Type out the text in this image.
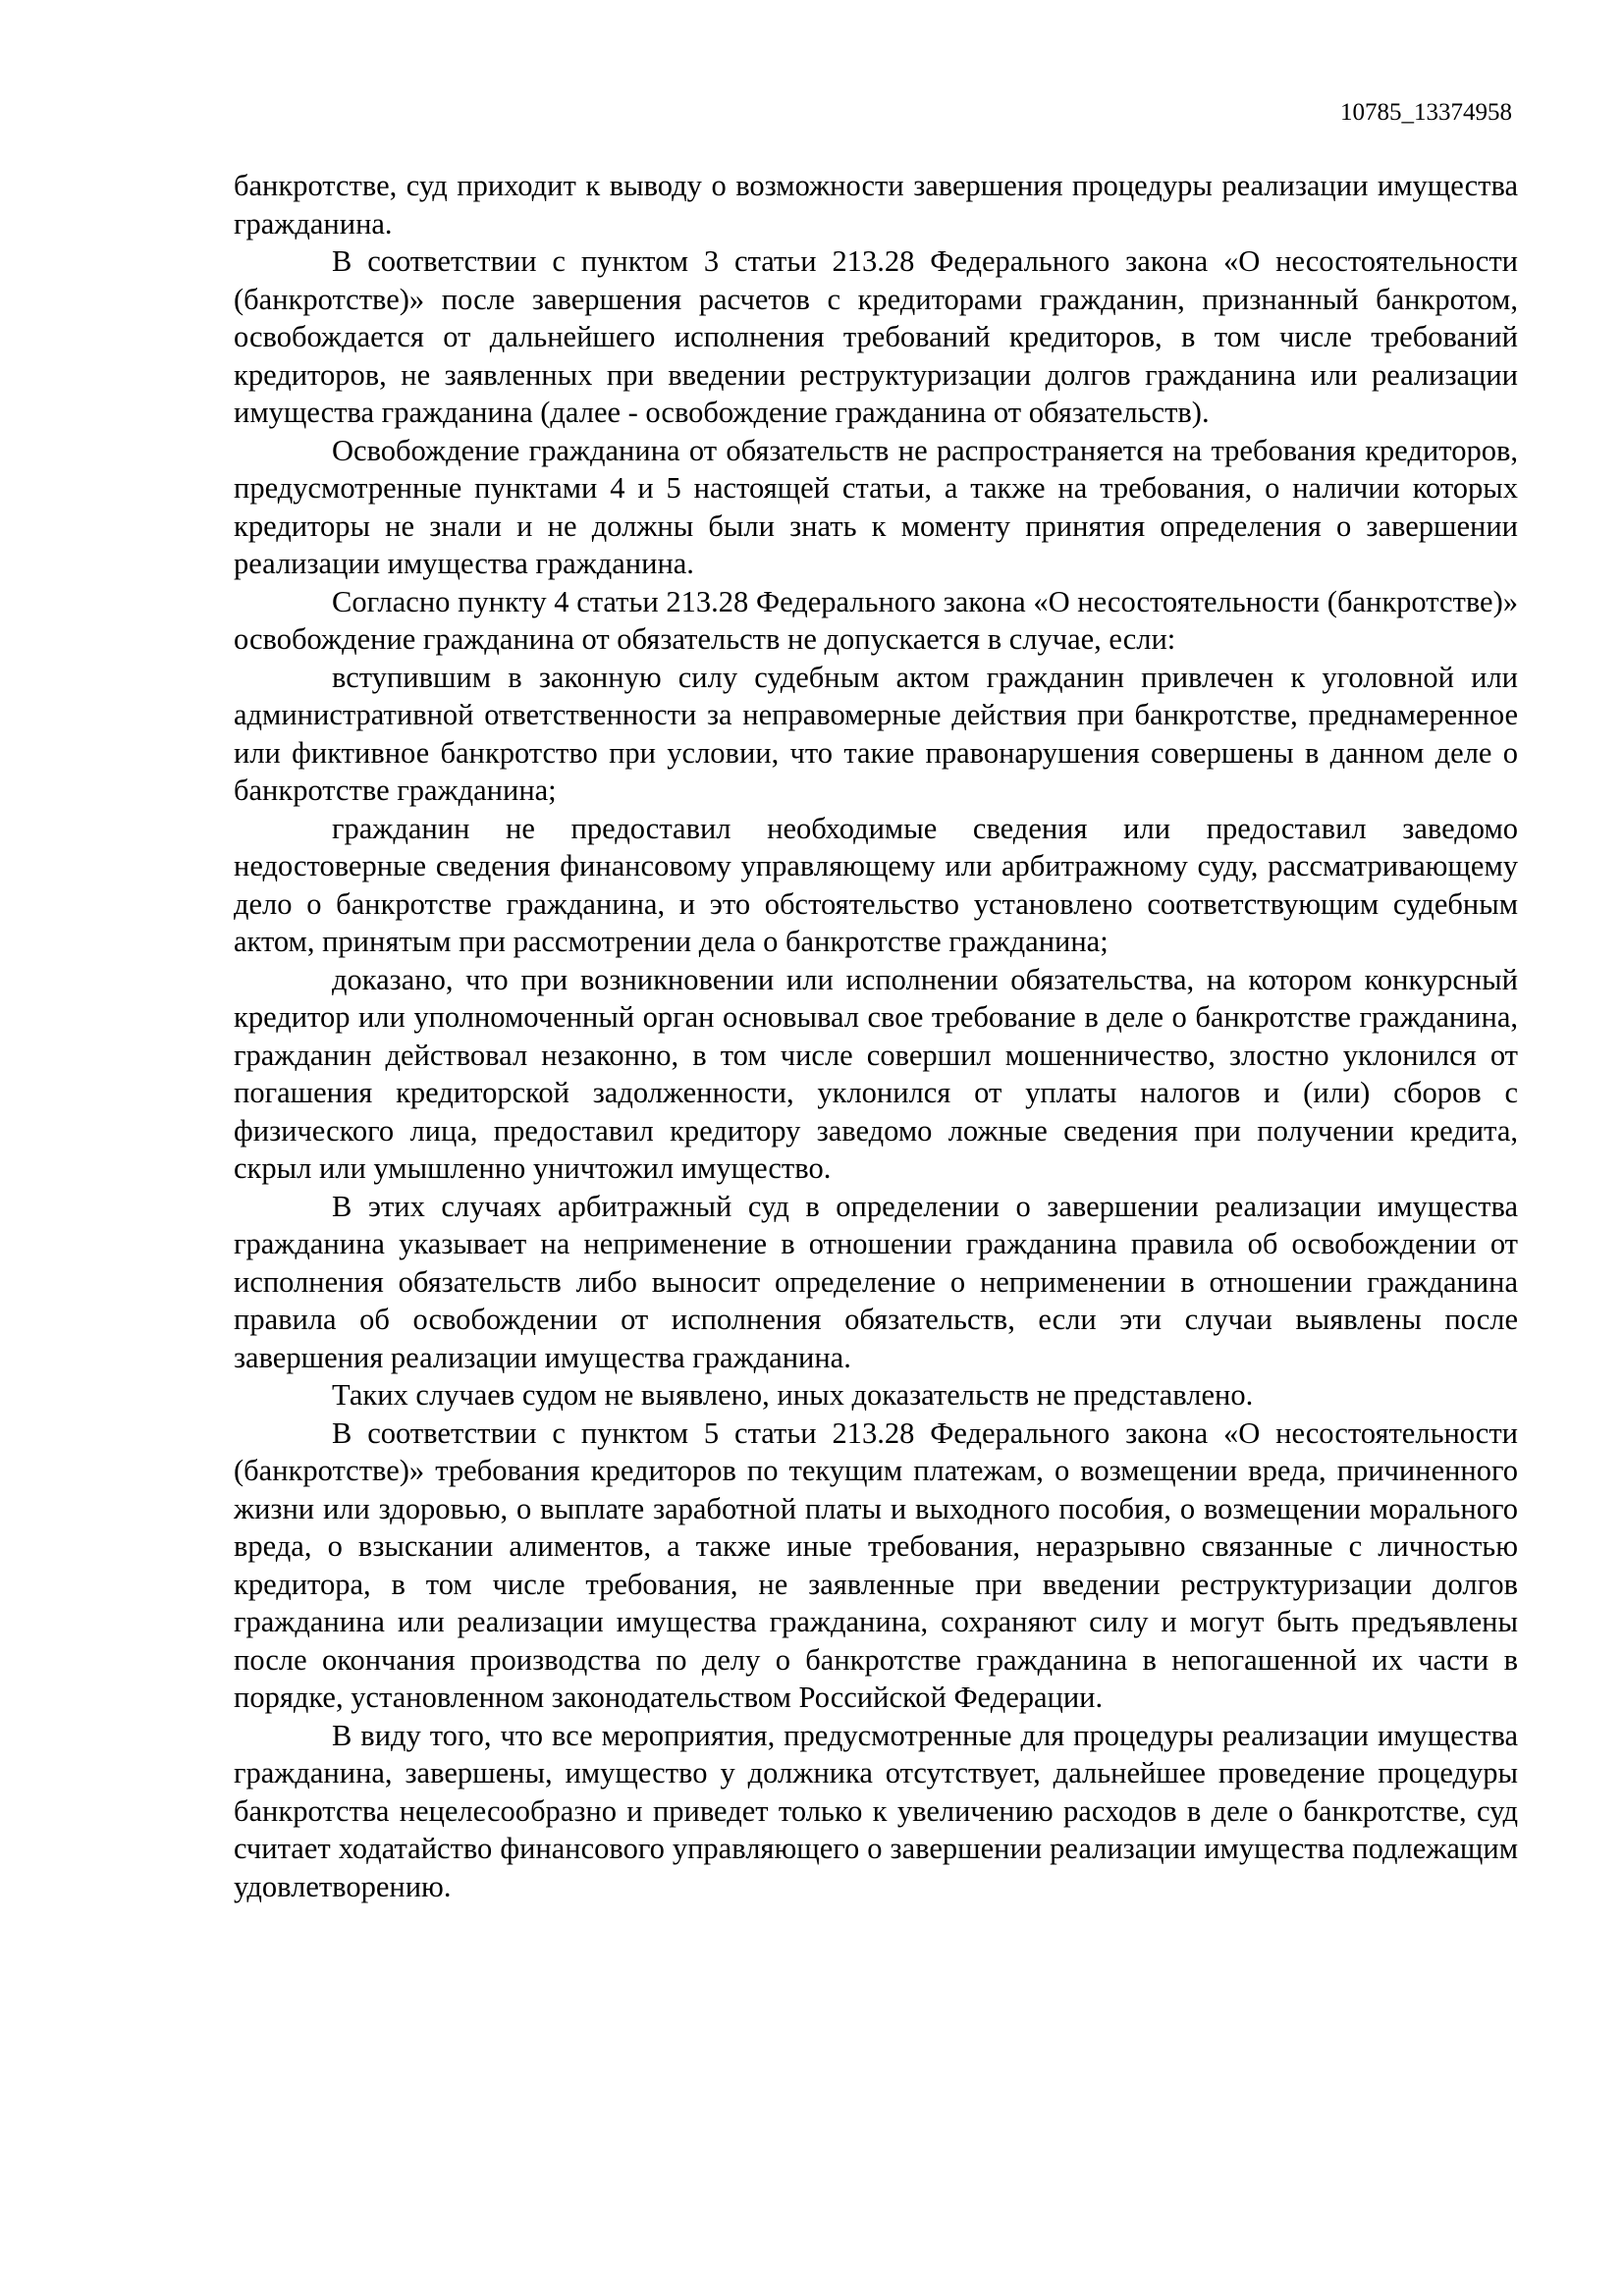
10785_13374958

банкротстве, суд приходит к выводу о возможности завершения процедуры реализации имущества гражданина.

В соответствии с пунктом 3 статьи 213.28 Федерального закона «О несостоятельности (банкротстве)» после завершения расчетов с кредиторами гражданин, признанный банкротом, освобождается от дальнейшего исполнения требований кредиторов, в том числе требований кредиторов, не заявленных при введении реструктуризации долгов гражданина или реализации имущества гражданина (далее - освобождение гражданина от обязательств).

Освобождение гражданина от обязательств не распространяется на требования кредиторов, предусмотренные пунктами 4 и 5 настоящей статьи, а также на требования, о наличии которых кредиторы не знали и не должны были знать к моменту принятия определения о завершении реализации имущества гражданина.

Согласно пункту 4 статьи 213.28 Федерального закона «О несостоятельности (банкротстве)» освобождение гражданина от обязательств не допускается в случае, если:

вступившим в законную силу судебным актом гражданин привлечен к уголовной или административной ответственности за неправомерные действия при банкротстве, преднамеренное или фиктивное банкротство при условии, что такие правонарушения совершены в данном деле о банкротстве гражданина;

гражданин не предоставил необходимые сведения или предоставил заведомо недостоверные сведения финансовому управляющему или арбитражному суду, рассматривающему дело о банкротстве гражданина, и это обстоятельство установлено соответствующим судебным актом, принятым при рассмотрении дела о банкротстве гражданина;

доказано, что при возникновении или исполнении обязательства, на котором конкурсный кредитор или уполномоченный орган основывал свое требование в деле о банкротстве гражданина, гражданин действовал незаконно, в том числе совершил мошенничество, злостно уклонился от погашения кредиторской задолженности, уклонился от уплаты налогов и (или) сборов с физического лица, предоставил кредитору заведомо ложные сведения при получении кредита, скрыл или умышленно уничтожил имущество.

В этих случаях арбитражный суд в определении о завершении реализации имущества гражданина указывает на неприменение в отношении гражданина правила об освобождении от исполнения обязательств либо выносит определение о неприменении в отношении гражданина правила об освобождении от исполнения обязательств, если эти случаи выявлены после завершения реализации имущества гражданина.

Таких случаев судом не выявлено, иных доказательств не представлено.

В соответствии с пунктом 5 статьи 213.28 Федерального закона «О несостоятельности (банкротстве)» требования кредиторов по текущим платежам, о возмещении вреда, причиненного жизни или здоровью, о выплате заработной платы и выходного пособия, о возмещении морального вреда, о взыскании алиментов, а также иные требования, неразрывно связанные с личностью кредитора, в том числе требования, не заявленные при введении реструктуризации долгов гражданина или реализации имущества гражданина, сохраняют силу и могут быть предъявлены после окончания производства по делу о банкротстве гражданина в непогашенной их части в порядке, установленном законодательством Российской Федерации.

В виду того, что все мероприятия, предусмотренные для процедуры реализации имущества гражданина, завершены, имущество у должника отсутствует, дальнейшее проведение процедуры банкротства нецелесообразно и приведет только к увеличению расходов в деле о банкротстве, суд считает ходатайство финансового управляющего о завершении реализации имущества подлежащим удовлетворению.
